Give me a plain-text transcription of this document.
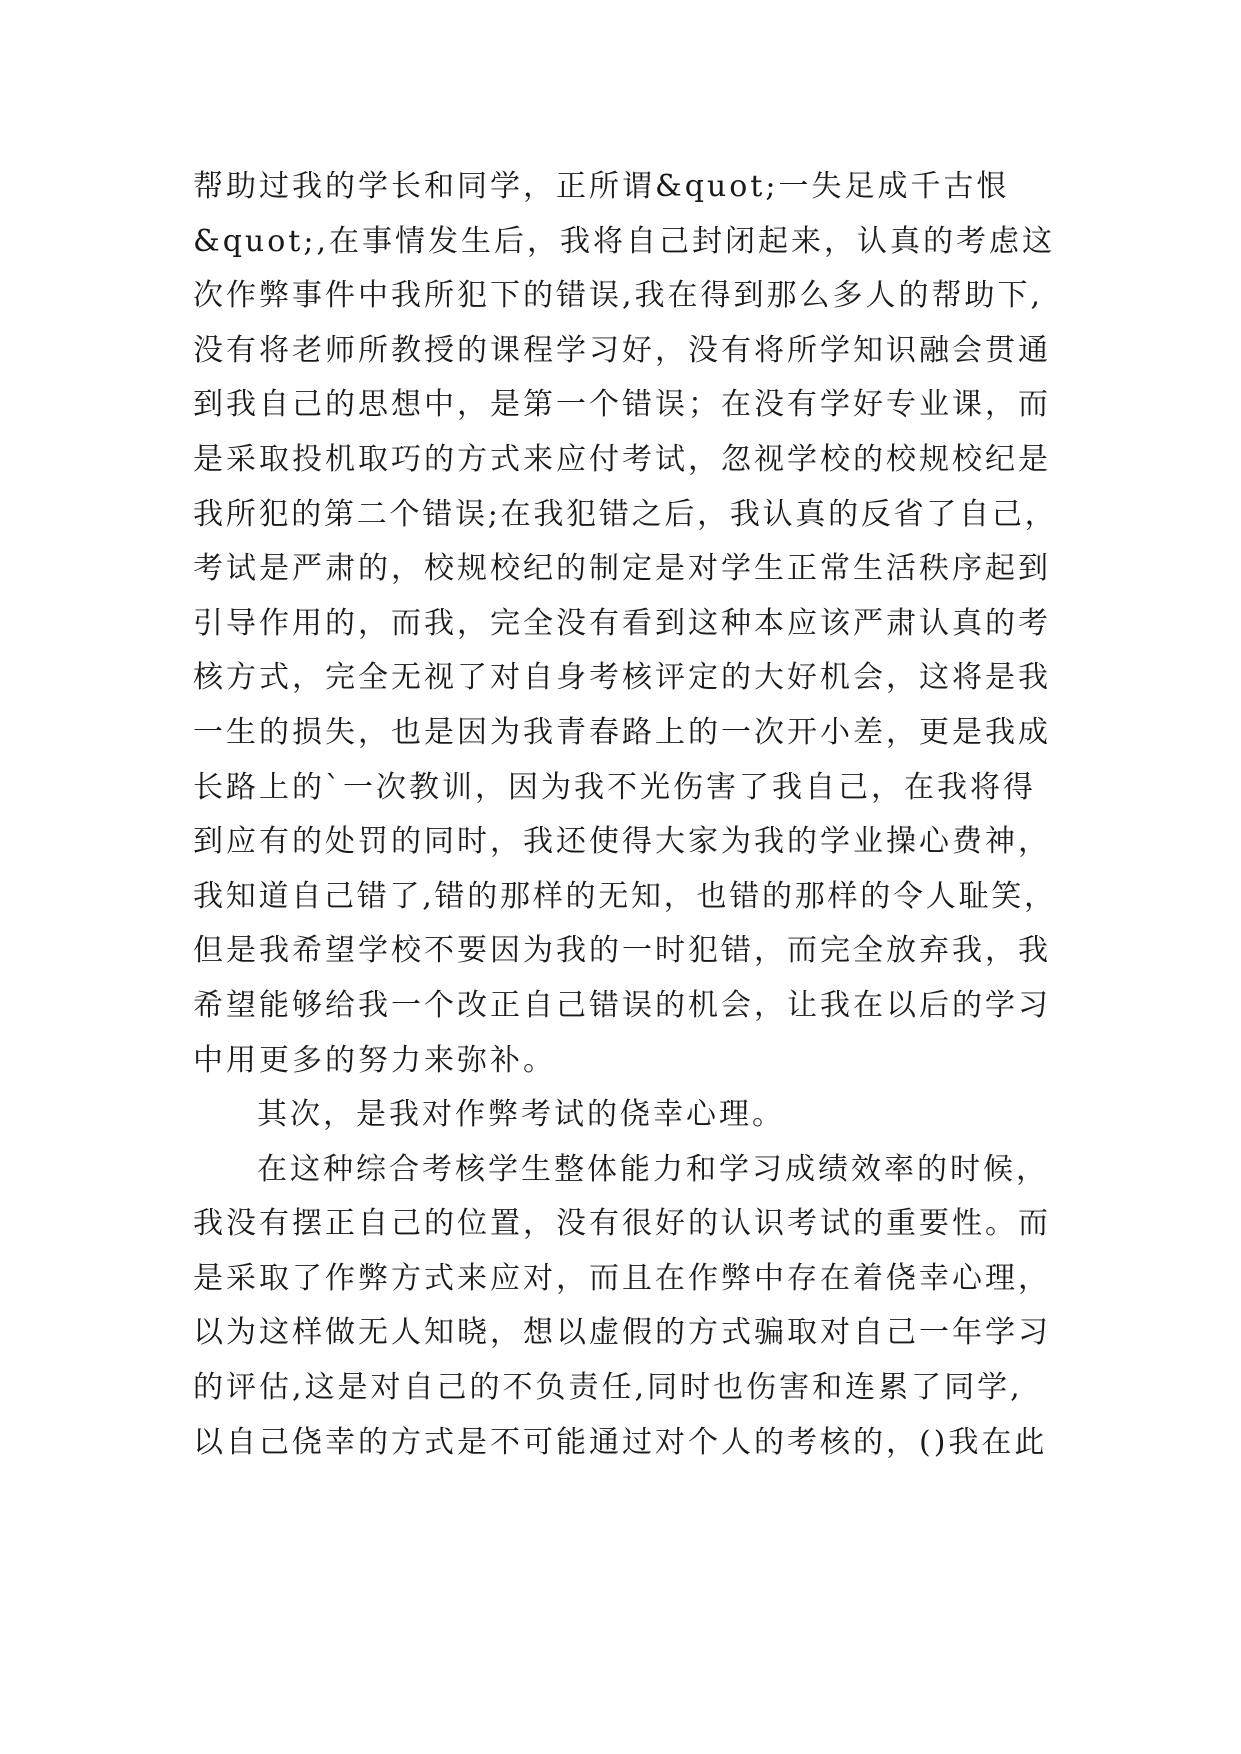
帮助过我的学长和同学，正所谓&quot;一失足成千古恨
&quot;,在事情发生后，我将自己封闭起来，认真的考虑这
次作弊事件中我所犯下的错误,我在得到那么多人的帮助下,
没有将老师所教授的课程学习好，没有将所学知识融会贯通
到我自己的思想中，是第一个错误；在没有学好专业课，而
是采取投机取巧的方式来应付考试，忽视学校的校规校纪是
我所犯的第二个错误;在我犯错之后，我认真的反省了自己，
考试是严肃的，校规校纪的制定是对学生正常生活秩序起到
引导作用的，而我，完全没有看到这种本应该严肃认真的考
核方式，完全无视了对自身考核评定的大好机会，这将是我
一生的损失，也是因为我青春路上的一次开小差，更是我成
长路上的`一次教训，因为我不光伤害了我自己，在我将得
到应有的处罚的同时，我还使得大家为我的学业操心费神，
我知道自己错了,错的那样的无知，也错的那样的令人耻笑，
但是我希望学校不要因为我的一时犯错，而完全放弃我，我
希望能够给我一个改正自己错误的机会，让我在以后的学习
中用更多的努力来弥补。
其次，是我对作弊考试的侥幸心理。
在这种综合考核学生整体能力和学习成绩效率的时候，
我没有摆正自己的位置，没有很好的认识考试的重要性。而
是采取了作弊方式来应对，而且在作弊中存在着侥幸心理，
以为这样做无人知晓，想以虚假的方式骗取对自己一年学习
的评估,这是对自己的不负责任,同时也伤害和连累了同学,
以自己侥幸的方式是不可能通过对个人的考核的，()我在此
